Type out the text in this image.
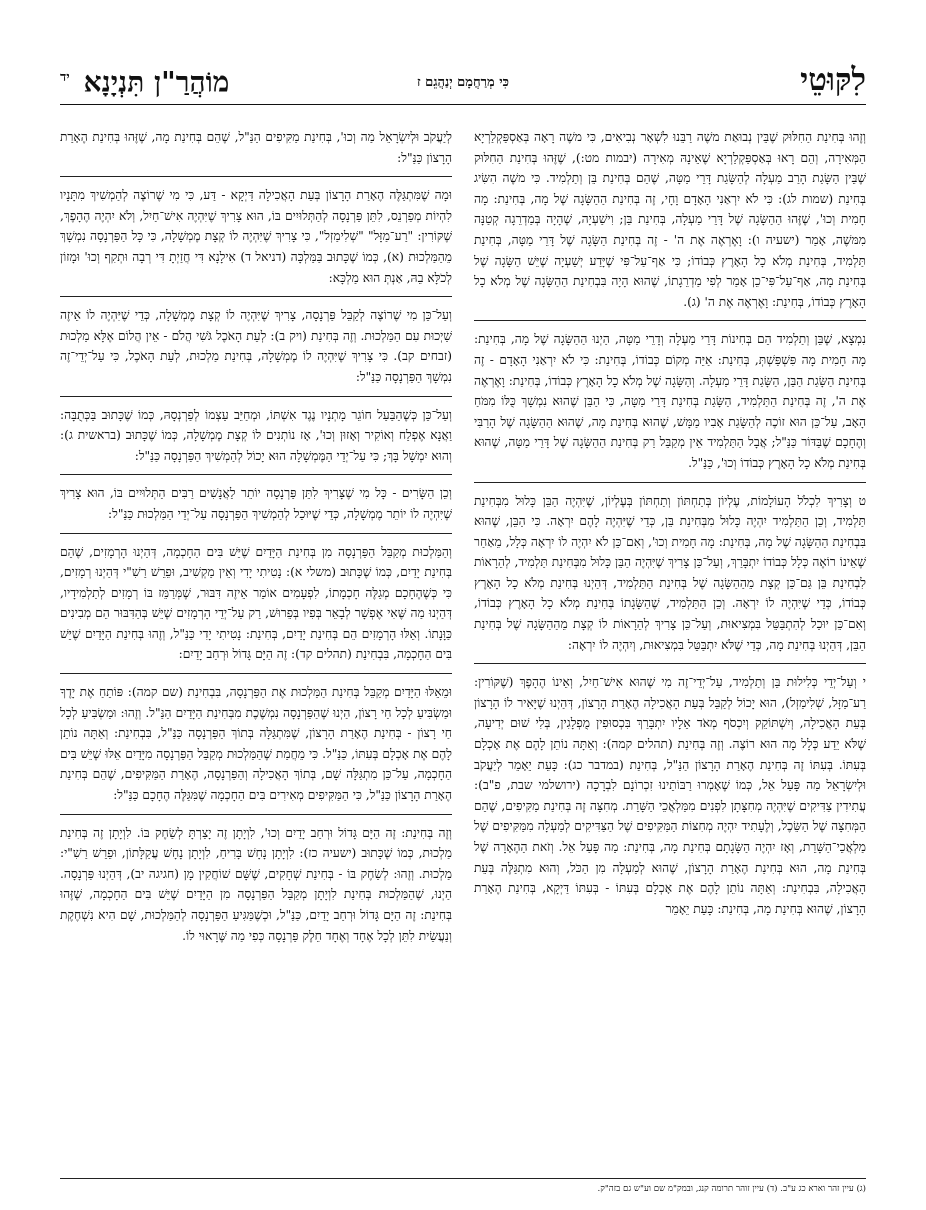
לִקּוּטֵי
כִּי מְרַחֲמָם יְנַהֲגֵם ז
מוֹהֲרַ"ן תִּנְיָנָא$^{יד}$

וְזֶהוּ בְּחִינַת הַחִלּוּק שֶׁבֵּין נְבוּאַת משֶׁה רַבֵּנוּ לִשְׁאָר נְבִיאִים, כִּי משֶׁה רָאָה בְּאַסְפַּקְלַרְיָא הַמְּאִירָה, וְהֵם רָאוּ בְּאַסְפַּקְלַרְיָא שֶׁאֵינָהּ מְאִירָה (יבמות מט:), שֶׁזֶּהוּ בְּחִינַת הַחִלּוּק שֶׁבֵּין הַשָּׂגַת הָרַב מַעְלָה לְהַשָּׂגַת דָּרֵי מַטָּה, שֶׁהֵם בְּחִינַת בֵּן וְתַלְמִיד. כִּי משֶׁה הִשִּׂיג בְּחִינַת (שמות לג): כִּי לֹא יִרְאַנִי הָאָדָם וָחָי, זֶה בְּחִינַת הַהַשָּׂגָה שֶׁל מָה, בְּחִינַת: מָה חָמִית וְכוּ', שֶׁזֶּהוּ הַהַשָּׂגָה שֶׁל דָּרֵי מַעְלָה, בְּחִינַת בֵּן; וִישַׁעְיָה, שֶׁהָיָה בְּמַדְרֵגָה קְטַנָּה מִמּשֶׁה, אָמַר (ישעיה ו): וָאֶרְאֶה אֶת ה' - זֶה בְּחִינַת הַשָּׂגָה שֶׁל דָּרֵי מַטָּה, בְּחִינַת תַּלְמִיד, בְּחִינַת מְלֹא כָל הָאָרֶץ כְּבוֹדוֹ; כִּי אַף־עַל־פִּי שֶׁיָּדַע יְשַׁעְיָה שֶׁיֵּשׁ הַשָּׂגָה שֶׁל בְּחִינַת מָה, אַף־עַל־פִּי־כֵן אָמַר לְפִי מַדְרֵגָתוֹ, שֶׁהוּא הָיָה בִּבְחִינַת הַהַשָּׂגָה שֶׁל מְלֹא כָל הָאָרֶץ כְּבוֹדוֹ, בְּחִינַת: וָאֶרְאֶה אֶת ה' (ג).

נִמְצָא, שֶׁבֵּן וְתַלְמִיד הֵם בְּחִינוֹת דָּרֵי מַעְלָה וְדָרֵי מַטָּה, הַיְנוּ הַהַשָּׂגָה שֶׁל מָה, בְּחִינַת: מָה חָמִית מָה פִּשְׁפַּשְׁתְּ, בְּחִינַת: אַיֵּה מְקוֹם כְּבוֹדוֹ, בְּחִינַת: כִּי לֹא יִרְאַנִי הָאָדָם - זֶה בְּחִינַת הַשָּׂגַת הַבֵּן, הַשָּׂגַת דָּרֵי מַעְלָה. וְהַשָּׂגָה שֶׁל מְלֹא כָל הָאָרֶץ כְּבוֹדוֹ, בְּחִינַת: וָאֶרְאֶה אֶת ה', זֶה בְּחִינַת הַתַּלְמִיד, הַשָּׂגַת בְּחִינַת דָּרֵי מַטָּה, כִּי הַבֵּן שֶׁהוּא נִמְשָׁךְ כֻּלּוֹ מִמֹּחַ הָאָב, עַל־כֵּן הוּא זוֹכֶה לְהַשָּׂגַת אָבִיו מַמָּשׁ, שֶׁהוּא בְּחִינַת מָה, שֶׁהוּא הַהַשָּׂגָה שֶׁל הָרַבִּי וְהֶחָכָם שֶׁבַּדּוֹר כַּנַּ"ל; אֲבָל הַתַּלְמִיד אֵין מְקַבֵּל רַק בְּחִינַת הַהַשָּׂגָה שֶׁל דָּרֵי מַטָּה, שֶׁהוּא בְּחִינַת מְלֹא כָל הָאָרֶץ כְּבוֹדוֹ וְכוּ', כַּנַּ"ל.

ט וְצָרִיךְ לִכְלֹל הָעוֹלָמוֹת, עֶלְיוֹן בְּתַחְתּוֹן וְתַחְתּוֹן בְּעֶלְיוֹן, שֶׁיִּהְיֶה הַבֵּן כָּלוּל מִבְּחִינַת תַּלְמִיד, וְכֵן הַתַּלְמִיד יִהְיֶה כָּלוּל מִבְּחִינַת בֵּן, כְּדֵי שֶׁיִּהְיֶה לָהֶם יִרְאָה. כִּי הַבֵּן, שֶׁהוּא בִּבְחִינַת הַהַשָּׂגָה שֶׁל מָה, בְּחִינַת: מָה חָמִית וְכוּ', וְאִם־כֵּן לֹא יִהְיֶה לוֹ יִרְאָה כְּלָל, מֵאַחַר שֶׁאֵינוֹ רוֹאֶה כְּלָל כְּבוֹדוֹ יִתְבָּרַךְ, וְעַל־כֵּן צָרִיךְ שֶׁיִּהְיֶה הַבֵּן כָּלוּל מִבְּחִינַת תַּלְמִיד, לְהֵרָאוֹת לִבְחִינַת בֵּן גַּם־כֵּן קְצָת מֵהַהַשָּׂגָה שֶׁל בְּחִינַת הַתַּלְמִיד, דְּהַיְנוּ בְּחִינַת מְלֹא כָל הָאָרֶץ כְּבוֹדוֹ, כְּדֵי שֶׁיִּהְיֶה לוֹ יִרְאָה. וְכֵן הַתַּלְמִיד, שֶׁהַשָּׂגָתוֹ בְּחִינַת מְלֹא כָל הָאָרֶץ כְּבוֹדוֹ, וְאִם־כֵּן יוּכַל לְהִתְבַּטֵּל בִּמְצִיאוּת, וְעַל־כֵּן צָרִיךְ לְהֵרָאוֹת לוֹ קְצָת מֵהַהַשָּׂגָה שֶׁל בְּחִינַת הַבֵּן, דְּהַיְנוּ בְּחִינַת מָה, כְּדֵי שֶׁלֹּא יִתְבַּטֵּל בִּמְצִיאוּת, וְיִהְיֶה לוֹ יִרְאָה:

י וְעַל־יְדֵי כְּלִילוּת בֵּן וְתַלְמִיד, עַל־יְדֵי־זֶה מִי שֶׁהוּא אִישׁ־חַיִל, וְאֵינוֹ הֶהָפֶךְ (שֶׁקּוֹרִין: רַע־מַזָּל, שְׁלִימַזְל), הוּא יָכוֹל לְקַבֵּל בְּעֵת הָאֲכִילָה הֶאָרַת הָרָצוֹן, דְּהַיְנוּ שֶׁיָּאִיר לוֹ הָרָצוֹן בְּעֵת הָאֲכִילָה, וְיִשְׁתּוֹקֵק וְיִכְסֹף מְאֹד אֵלָיו יִתְבָּרַךְ בִּכְסוּפִין מֻפְלָגִין, בְּלִי שׁוּם יְדִיעָה, שֶׁלֹּא יֵדַע כְּלָל מָה הוּא רוֹצֶה. וְזֶה בְּחִינַת (תהלים קמה): וְאַתָּה נוֹתֵן לָהֶם אֶת אָכְלָם בְּעִתּוֹ. בְּעִתּוֹ זֶה בְּחִינַת הֶאָרַת הָרָצוֹן הַנַּ"ל, בְּחִינַת (במדבר כג): כָּעֵת יֵאָמֵר לְיַעֲקֹב וּלְיִשְׂרָאֵל מַה פָּעַל אֵל, כְּמוֹ שֶׁאָמְרוּ רַבּוֹתֵינוּ זִכְרוֹנָם לִבְרָכָה (ירושלמי שבת, פ"ב): עֲתִידִין צַדִּיקִים שֶׁיִּהְיֶה מְחִצָּתָן לִפְנִים מִמַּלְאֲכֵי הַשָּׁרֵת. מְחִצָּה זֶה בְּחִינַת מַקִּיפִים, שֶׁהֵם הַמְּחִצָּה שֶׁל הַשֵּׂכֶל, וְלֶעָתִיד יִהְיֶה מְחִצּוֹת הַמַּקִּיפִים שֶׁל הַצַּדִּיקִים לְמַעְלָה מִמַּקִּיפִים שֶׁל מַלְאֲכֵי־הַשָּׁרֵת, וְאָז יִהְיֶה הַשָּׂגָתָם בְּחִינַת מָה, בְּחִינַת: מַה פָּעַל אֵל. וְזֹאת הַהֶאָרָה שֶׁל בְּחִינַת מָה, הוּא בְּחִינַת הֶאָרַת הָרָצוֹן, שֶׁהוּא לְמַעְלָה מִן הַכֹּל, וְהוּא מִתְגַּלֶּה בְּעֵת הָאֲכִילָה, בִּבְחִינַת: וְאַתָּה נוֹתֵן לָהֶם אֶת אָכְלָם בְּעִתּוֹ - בְּעִתּוֹ דַּיְקָא, בְּחִינַת הֶאָרַת הָרָצוֹן, שֶׁהוּא בְּחִינַת מָה, בְּחִינַת: כָּעֵת יֵאָמֵר

לְיַעֲקֹב וּלְיִשְׂרָאֵל מַה וְכוּ', בְּחִינַת מַקִּיפִים הַנַּ"ל, שֶׁהֵם בְּחִינַת מָה, שֶׁזֶּהוּ בְּחִינַת הֶאָרַת הָרָצוֹן כַּנַּ"ל:

וּמָה שֶׁמִּתְגַּלֶּה הֶאָרַת הָרָצוֹן בְּעֵת הָאֲכִילָה דַּיְקָא - דַּע, כִּי מִי שֶׁרוֹצֶה לְהַמְשִׁיךְ מִתָּנָיו לִהְיוֹת מְפַרְנֵס, לִתֵּן פַּרְנָסָה לְהַתְּלוּיִים בּוֹ, הוּא צָרִיךְ שֶׁיִּהְיֶה אִישׁ־חַיִל, וְלֹא יִהְיֶה הֶהָפֶךְ, שֶׁקּוֹרִין: "רַע־מַזָּל" "שְׁלִימַזְל", כִּי צָרִיךְ שֶׁיִּהְיֶה לוֹ קְצָת מֶמְשָׁלָה, כִּי כָּל הַפַּרְנָסָה נִמְשָׁךְ מֵהַמַּלְכוּת (א), כְּמוֹ שֶׁכָּתוּב בַּמַּלְכָּה (דניאל ד) אִילָנָא דִּי חֲזַיְתָ דִּי רְבָה וּתְקִף וְכוּ' וּמָזוֹן לְכֹלָּא בֵהּ, אַנְתְּ הוּא מַלְכָּא:

וְעַל־כֵּן מִי שֶׁרוֹצֶה לְקַבֵּל פַּרְנָסָה, צָרִיךְ שֶׁיִּהְיֶה לוֹ קְצָת מֶמְשָׁלָה, כְּדֵי שֶׁיִּהְיֶה לוֹ אֵיזֶה שַׁיְכוּת עִם הַמַּלְכוּת. וְזֶה בְּחִינַת (ויק ב): לְעֵת הָאֹכֶל גֹּשִׁי הֲלֹם - אֵין הֲלוֹם אֶלָּא מַלְכוּת (זבחים קב). כִּי צָרִיךְ שֶׁיִּהְיֶה לוֹ מֶמְשָׁלָה, בְּחִינַת מַלְכוּת, לְעֵת הָאֹכֶל, כִּי עַל־יְדֵי־זֶה נִמְשָׁךְ הַפַּרְנָסָה כַּנַּ"ל:

וְעַל־כֵּן כְּשֶׁהַבַּעַל חוֹגֵר מָתְנָיו נֶגֶד אִשְׁתּוֹ, וּמְחַיֵּב עַצְמוֹ לְפַרְנְסָהּ, כְּמוֹ שֶׁכָּתוּב בַּכְּתֻבָּה: וַאֲנָא אֶפְלַח וְאוֹקִיר וְאָזוּן וְכוּ', אָז נוֹתְנִים לוֹ קְצָת מֶמְשָׁלָה, כְּמוֹ שֶׁכָּתוּב (בראשית ג): וְהוּא יִמְשָׁל בָּךְ; כִּי עַל־יְדֵי הַמֶּמְשָׁלָה הוּא יָכוֹל לְהַמְשִׁיךְ הַפַּרְנָסָה כַּנַּ"ל:

וְכֵן הַשָּׂרִים - כָּל מִי שֶׁצָּרִיךְ לִתֵּן פַּרְנָסָה יוֹתֵר לַאֲנָשִׁים רַבִּים הַתְּלוּיִים בּוֹ, הוּא צָרִיךְ שֶׁיִּהְיֶה לוֹ יוֹתֵר מֶמְשָׁלָה, כְּדֵי שֶׁיּוּכַל לְהַמְשִׁיךְ הַפַּרְנָסָה עַל־יְדֵי הַמַּלְכוּת כַּנַּ"ל:

וְהַמַּלְכוּת מְקַבֵּל הַפַּרְנָסָה מִן בְּחִינַת הַיָּדַיִם שֶׁיֵּשׁ בִּים הַחָכְמָה, דְּהַיְנוּ הָרְמָזִים, שֶׁהֵם בְּחִינַת יָדַיִם, כְּמוֹ שֶׁכָּתוּב (משלי א): נָטִיתִי יָדִי וְאֵין מַקְשִׁיב, וּפֵרֵשׁ רַשִׁ"י דְּהַיְנוּ רְמָזִים, כִּי כְּשֶׁהֶחָכָם מְגַלֶּה חָכְמָתוֹ, לִפְעָמִים אוֹמֵר אֵיזֶה דִּבּוּר, שֶׁמְּרַמֵּז בּוֹ רְמָזִים לְתַלְמִידָיו, דְּהַיְנוּ מַה שֶּׁאִי אֶפְשָׁר לְבָאֵר בְּפִיו בְּפֵרוּשׁ, רַק עַל־יְדֵי הָרְמָזִים שֶׁיֵּשׁ בְּהַדִּבּוּר הֵם מְבִינִים כַּוָּנָתוֹ. וְאֵלּוּ הָרְמָזִים הֵם בְּחִינַת יָדַיִם, בְּחִינַת: נָטִיתִי יָדִי כַּנַּ"ל, וְזֶהוּ בְּחִינַת הַיָּדַיִם שֶׁיֵּשׁ בִּים הַחָכְמָה, בִּבְחִינַת (תהלים קד): זֶה הַיָּם גָּדוֹל וּרְחַב יָדַיִם:

וּמֵאֵלּוּ הַיָּדַיִם מְקַבֵּל בְּחִינַת הַמַּלְכוּת אֶת הַפַּרְנָסָה, בִּבְחִינַת (שם קמה): פּוֹתֵחַ אֶת יָדֶךָ וּמַשְׂבִּיעַ לְכָל חַי רָצוֹן, הַיְנוּ שֶׁהַפַּרְנָסָה נִמְשֶׁכֶת מִבְּחִינַת הַיָּדַיִם הַנַּ"ל. וְזֶהוּ: וּמַשְׂבִּיעַ לְכָל חַי רָצוֹן - בְּחִינַת הֶאָרַת הָרָצוֹן, שֶׁמִּתְגַּלָּה בְּתוֹךְ הַפַּרְנָסָה כַּנַּ"ל, בִּבְחִינַת: וְאַתָּה נוֹתֵן לָהֶם אֶת אָכְלָם בְּעִתּוֹ, כַּנַּ"ל. כִּי מֵחֲמַת שֶׁהַמַּלְכוּת מְקַבֵּל הַפַּרְנָסָה מִיָּדַיִם אֵלּוּ שֶׁיֵּשׁ בִּים הַחָכְמָה, עַל־כֵּן מִתְגַּלָּה שָׁם, בְּתוֹךְ הָאֲכִילָה וְהַפַּרְנָסָה, הֶאָרַת הַמַּקִּיפִים, שֶׁהֵם בְּחִינַת הֶאָרַת הָרָצוֹן כַּנַּ"ל, כִּי הַמַּקִּיפִים מְאִירִים בִּים הַחָכְמָה שֶׁמִּגַּלֶּה הֶחָכָם כַּנַּ"ל:

וְזֶה בְּחִינַת: זֶה הַיָּם גָּדוֹל וּרְחַב יָדַיִם וְכוּ', לִוְיָתָן זֶה יָצַרְתָּ לְשַׂחֶק בּוֹ. לִוְיָתָן זֶה בְּחִינַת מַלְכוּת, כְּמוֹ שֶׁכָּתוּב (ישעיה כז): לִוְיָתָן נָחָשׁ בָּרִיחַ, לִוְיָתָן נָחָשׁ עֲקַלָּתוֹן, וּפֵרֵשׁ רַשִׁ"י: מַלְכוּת. וְזֶהוּ: לְשַׂחֶק בּוֹ - בְּחִינַת שְׁחָקִים, שֶׁשָּׁם שׁוֹחֲקִין מָן (חגיגה יב), דְּהַיְנוּ פַּרְנָסָה. הַיְנוּ, שֶׁהַמַּלְכוּת בְּחִינַת לִוְיָתָן מְקַבֵּל הַפַּרְנָסָה מִן הַיָּדַיִם שֶׁיֵּשׁ בִּים הַחָכְמָה, שֶׁזֶּהוּ בְּחִינַת: זֶה הַיָּם גָּדוֹל וּרְחַב יָדַיִם, כַּנַּ"ל, וּכְשֶׁמַּגִּיעַ הַפַּרְנָסָה לְהַמַּלְכוּת, שָׁם הִיא נִשְׁחֶקֶת וְנַעֲשֵׂית לִתֵּן לְכָל אֶחָד וְאֶחָד חֵלֶק פַּרְנָסָה כְּפִי מַה שֶּׁרָאוּי לוֹ.

(ג) עיין זהר וארא כג ע"ב. (ד) עיין זוהר תרומה קנג, ובמק"מ שם וע"ש גם בזה"ק.
